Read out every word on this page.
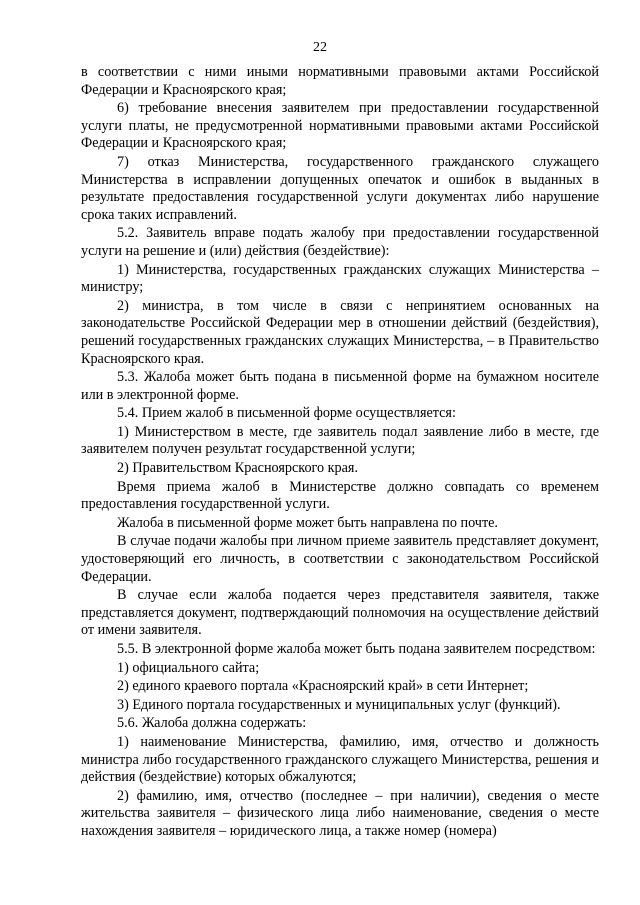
22

в соответствии с ними иными нормативными правовыми актами Российской Федерации и Красноярского края;

6) требование внесения заявителем при предоставлении государственной услуги платы, не предусмотренной нормативными правовыми актами Российской Федерации и Красноярского края;

7) отказ Министерства, государственного гражданского служащего Министерства в исправлении допущенных опечаток и ошибок в выданных в результате предоставления государственной услуги документах либо нарушение срока таких исправлений.

5.2. Заявитель вправе подать жалобу при предоставлении государственной услуги на решение и (или) действия (бездействие):

1) Министерства, государственных гражданских служащих Министерства – министру;

2) министра, в том числе в связи с непринятием основанных на законодательстве Российской Федерации мер в отношении действий (бездействия), решений государственных гражданских служащих Министерства, – в Правительство Красноярского края.

5.3. Жалоба может быть подана в письменной форме на бумажном носителе или в электронной форме.

5.4. Прием жалоб в письменной форме осуществляется:

1) Министерством в месте, где заявитель подал заявление либо в месте, где заявителем получен результат государственной услуги;

2) Правительством Красноярского края.

Время приема жалоб в Министерстве должно совпадать со временем предоставления государственной услуги.

Жалоба в письменной форме может быть направлена по почте.

В случае подачи жалобы при личном приеме заявитель представляет документ, удостоверяющий его личность, в соответствии с законодательством Российской Федерации.

В случае если жалоба подается через представителя заявителя, также представляется документ, подтверждающий полномочия на осуществление действий от имени заявителя.

5.5. В электронной форме жалоба может быть подана заявителем посредством:

1) официального сайта;

2) единого краевого портала «Красноярский край» в сети Интернет;

3) Единого портала государственных и муниципальных услуг (функций).

5.6. Жалоба должна содержать:

1) наименование Министерства, фамилию, имя, отчество и должность министра либо государственного гражданского служащего Министерства, решения и действия (бездействие) которых обжалуются;

2) фамилию, имя, отчество (последнее – при наличии), сведения о месте жительства заявителя – физического лица либо наименование, сведения о месте нахождения заявителя – юридического лица, а также номер (номера)
